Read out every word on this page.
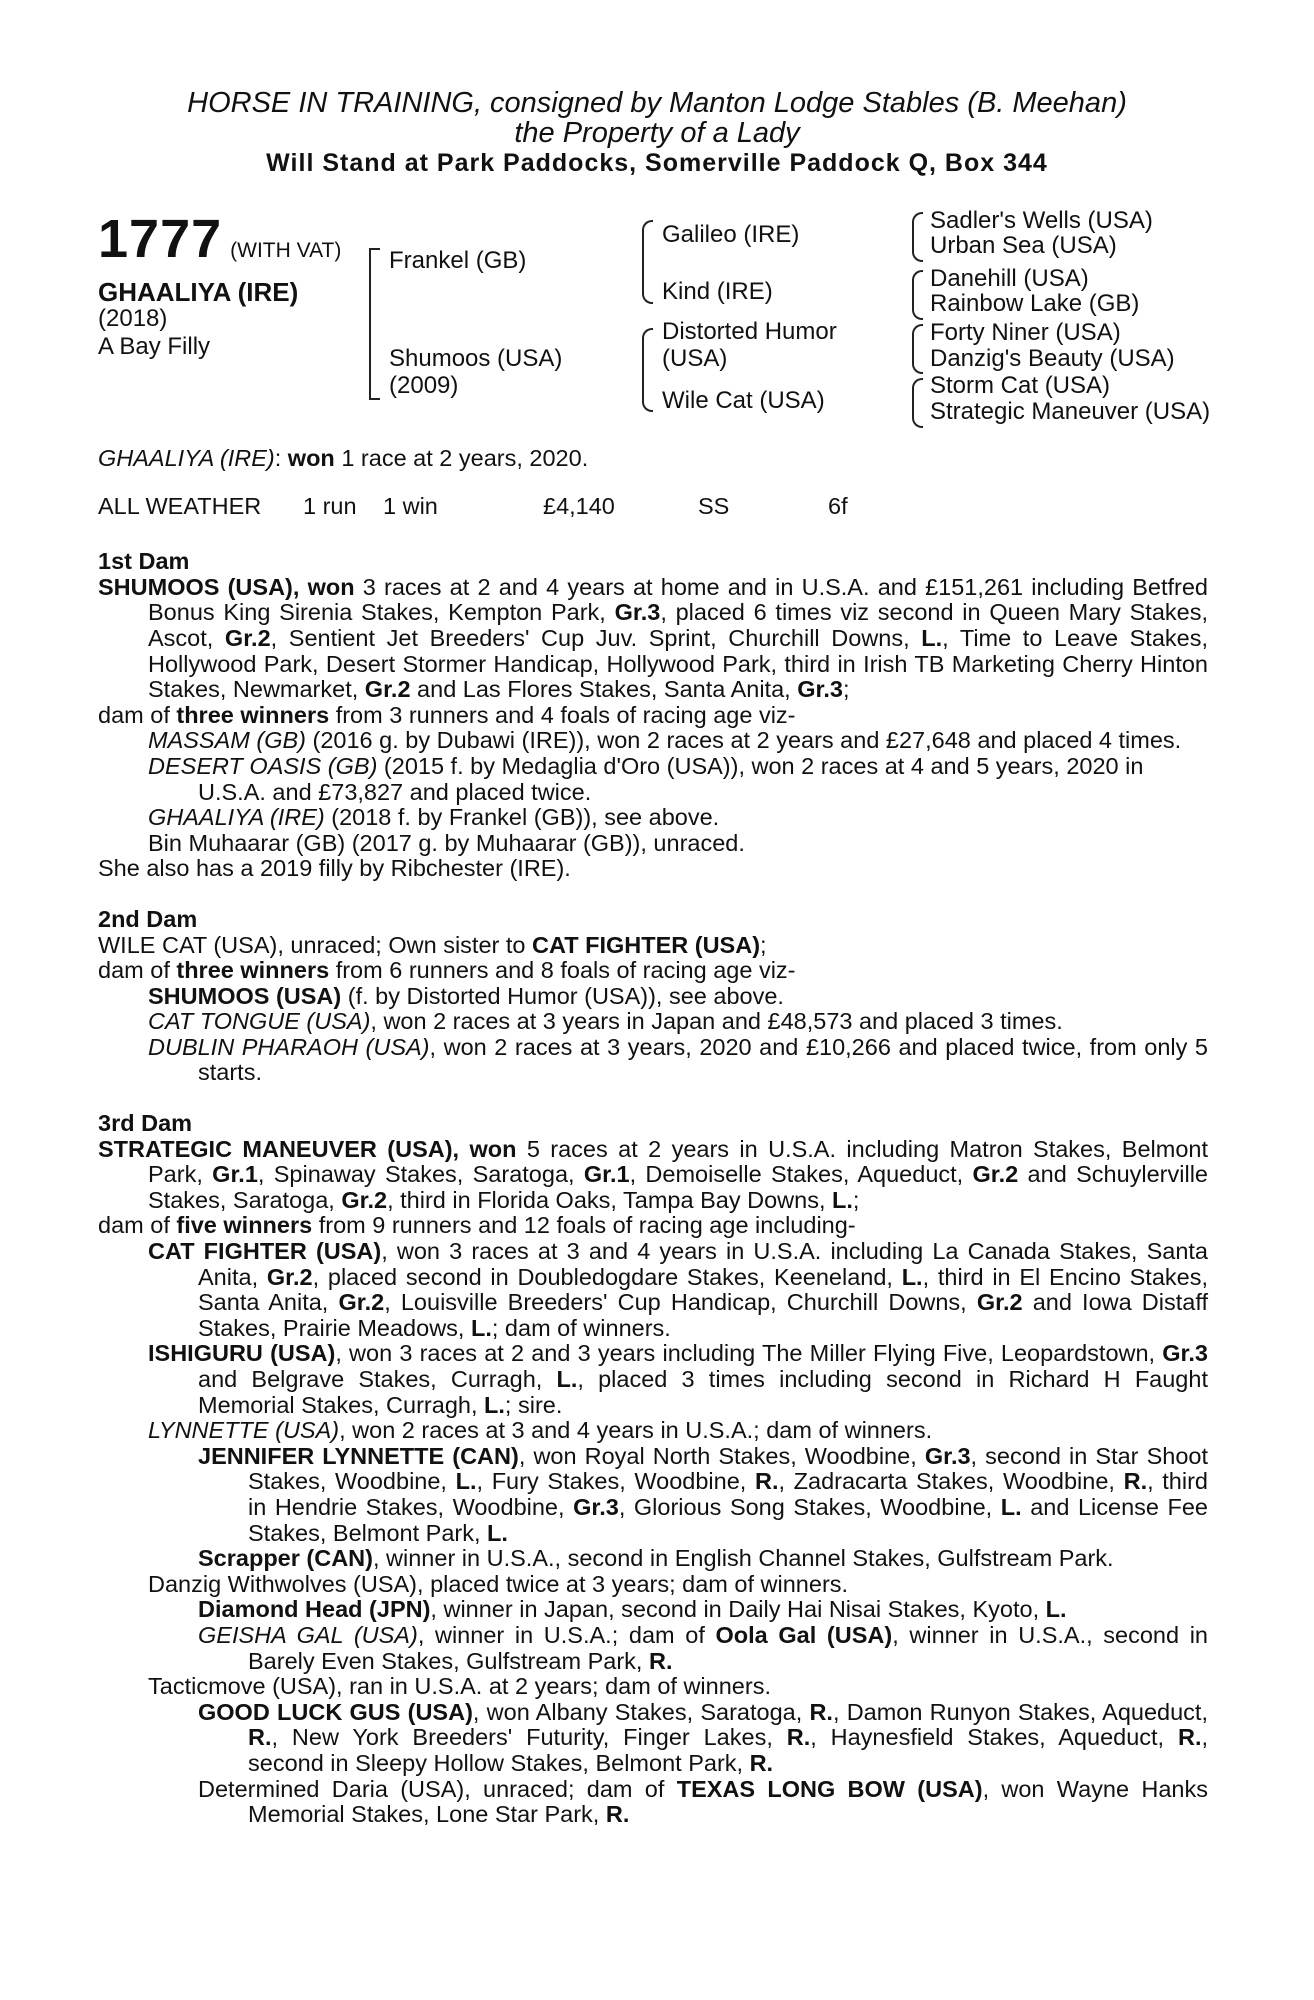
HORSE IN TRAINING, consigned by Manton Lodge Stables (B. Meehan)
the Property of a Lady
Will Stand at Park Paddocks, Somerville Paddock Q, Box 344
1777 (WITH VAT)
GHAALIYA (IRE)
(2018)
A Bay Filly
Frankel (GB)
Shumoos (USA)
(2009)
Galileo (IRE)
Kind (IRE)
Distorted Humor
(USA)
Wile Cat (USA)
Sadler's Wells (USA)
Urban Sea (USA)
Danehill (USA)
Rainbow Lake (GB)
Forty Niner (USA)
Danzig's Beauty (USA)
Storm Cat (USA)
Strategic Maneuver (USA)

GHAALIYA (IRE): won 1 race at 2 years, 2020.

ALL WEATHER	1 run	1 win	£4,140	SS	6f

1st Dam

SHUMOOS (USA), won 3 races at 2 and 4 years at home and in U.S.A. and £151,261 including Betfred Bonus King Sirenia Stakes, Kempton Park, Gr.3, placed 6 times viz second in Queen Mary Stakes, Ascot, Gr.2, Sentient Jet Breeders' Cup Juv. Sprint, Churchill Downs, L., Time to Leave Stakes, Hollywood Park, Desert Stormer Handicap, Hollywood Park, third in Irish TB Marketing Cherry Hinton Stakes, Newmarket, Gr.2 and Las Flores Stakes, Santa Anita, Gr.3;

dam of three winners from 3 runners and 4 foals of racing age viz-

MASSAM (GB) (2016 g. by Dubawi (IRE)), won 2 races at 2 years and £27,648 and placed 4 times.

DESERT OASIS (GB) (2015 f. by Medaglia d'Oro (USA)), won 2 races at 4 and 5 years, 2020 in U.S.A. and £73,827 and placed twice.

GHAALIYA (IRE) (2018 f. by Frankel (GB)), see above.

Bin Muhaarar (GB) (2017 g. by Muhaarar (GB)), unraced.

She also has a 2019 filly by Ribchester (IRE).

2nd Dam

WILE CAT (USA), unraced; Own sister to CAT FIGHTER (USA);

dam of three winners from 6 runners and 8 foals of racing age viz-

SHUMOOS (USA) (f. by Distorted Humor (USA)), see above.

CAT TONGUE (USA), won 2 races at 3 years in Japan and £48,573 and placed 3 times.

DUBLIN PHARAOH (USA), won 2 races at 3 years, 2020 and £10,266 and placed twice, from only 5 starts.

3rd Dam

STRATEGIC MANEUVER (USA), won 5 races at 2 years in U.S.A. including Matron Stakes, Belmont Park, Gr.1, Spinaway Stakes, Saratoga, Gr.1, Demoiselle Stakes, Aqueduct, Gr.2 and Schuylerville Stakes, Saratoga, Gr.2, third in Florida Oaks, Tampa Bay Downs, L.;

dam of five winners from 9 runners and 12 foals of racing age including-

CAT FIGHTER (USA), won 3 races at 3 and 4 years in U.S.A. including La Canada Stakes, Santa Anita, Gr.2, placed second in Doubledogdare Stakes, Keeneland, L., third in El Encino Stakes, Santa Anita, Gr.2, Louisville Breeders' Cup Handicap, Churchill Downs, Gr.2 and Iowa Distaff Stakes, Prairie Meadows, L.; dam of winners.

ISHIGURU (USA), won 3 races at 2 and 3 years including The Miller Flying Five, Leopardstown, Gr.3 and Belgrave Stakes, Curragh, L., placed 3 times including second in Richard H Faught Memorial Stakes, Curragh, L.; sire.

LYNNETTE (USA), won 2 races at 3 and 4 years in U.S.A.; dam of winners.

JENNIFER LYNNETTE (CAN), won Royal North Stakes, Woodbine, Gr.3, second in Star Shoot Stakes, Woodbine, L., Fury Stakes, Woodbine, R., Zadracarta Stakes, Woodbine, R., third in Hendrie Stakes, Woodbine, Gr.3, Glorious Song Stakes, Woodbine, L. and License Fee Stakes, Belmont Park, L.

Scrapper (CAN), winner in U.S.A., second in English Channel Stakes, Gulfstream Park.

Danzig Withwolves (USA), placed twice at 3 years; dam of winners.

Diamond Head (JPN), winner in Japan, second in Daily Hai Nisai Stakes, Kyoto, L.

GEISHA GAL (USA), winner in U.S.A.; dam of Oola Gal (USA), winner in U.S.A., second in Barely Even Stakes, Gulfstream Park, R.

Tacticmove (USA), ran in U.S.A. at 2 years; dam of winners.

GOOD LUCK GUS (USA), won Albany Stakes, Saratoga, R., Damon Runyon Stakes, Aqueduct, R., New York Breeders' Futurity, Finger Lakes, R., Haynesfield Stakes, Aqueduct, R., second in Sleepy Hollow Stakes, Belmont Park, R.

Determined Daria (USA), unraced; dam of TEXAS LONG BOW (USA), won Wayne Hanks Memorial Stakes, Lone Star Park, R.
